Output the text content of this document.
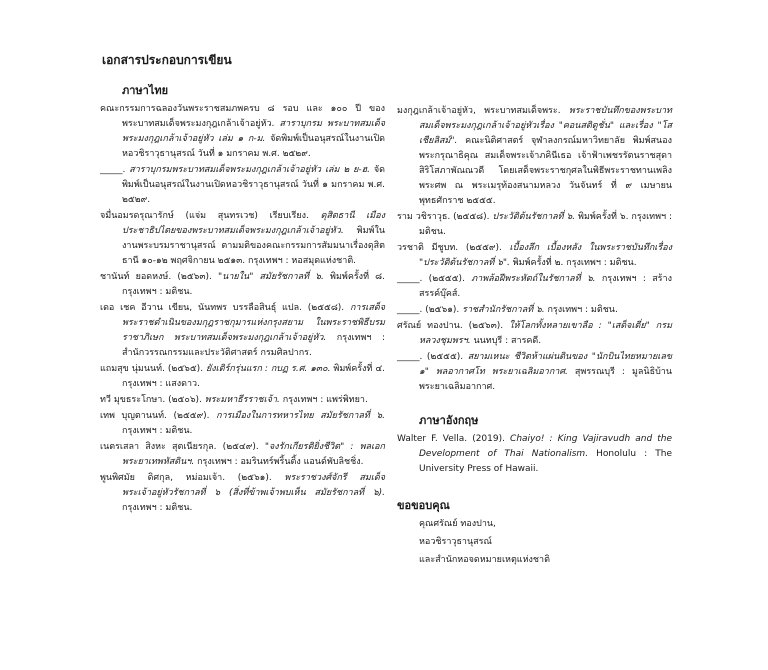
เอกสารประกอบการเขียน
ภาษาไทย

คณะกรรมการฉลองวันพระราชสมภพครบ ๘ รอบ และ ๑๐๐ ปี ของพระบาทสมเด็จพระมงกุฎเกล้าเจ้าอยู่หัว. สาราบุกรม พระบาทสมเด็จพระมงกุฎเกล้าเจ้าอยู่หัว เล่ม ๑ ก-ม. จัดพิมพ์เป็นอนุสรณ์ในงานเปิดหอวชิราวุธานุสรณ์ วันที่ ๑ มกราคม พ.ศ. ๒๕๒๙.

_____. สาราบุกรมพระบาทสมเด็จพระมงกุฎเกล้าเจ้าอยู่หัว เล่ม ๒ ย-ฮ. จัดพิมพ์เป็นอนุสรณ์ในงานเปิดหอวชิราวุธานุสรณ์ วันที่ ๑ มกราคม พ.ศ. ๒๕๒๙.

จมื่นอมรดรุณารักษ์ (แจ่ม สุนทรเวช) เรียบเรียง. ดุสิตธานี เมืองประชาธิปไตยของพระบาทสมเด็จพระมงกุฎเกล้าเจ้าอยู่หัว. พิมพ์ในงานพระบรมราชานุสรณ์ ตามมติของคณะกรรมการสัมมนาเรื่องดุสิตธานี ๑๐-๑๒ พฤศจิกายน ๒๕๑๓. กรุงเทพฯ : หอสมุดแห่งชาติ.

ชานันท์ ยอดหงษ์. (๒๕๖๓). "นายใน" สมัยรัชกาลที่ ๖. พิมพ์ครั้งที่ ๘. กรุงเทพฯ : มติชน.

เดอ เชค อีวาน เขียน, นันทพร บรรลือสินธุ์ แปล. (๒๕๕๘). การเสด็จพระราชดำเนินของมกุฎราชกุมารแห่งกรุงสยาม ในพระราชพิธีบรมราชาภิเษก พระบาทสมเด็จพระมงกุฎเกล้าเจ้าอยู่หัว. กรุงเทพฯ : สำนักวรรณกรรมและประวัติศาสตร์ กรมศิลปากร.

แถมสุข นุ่มนนท์. (๒๕๖๕). ยังเติร์กรุ่นแรก : กบฏ ร.ศ. ๑๓๐. พิมพ์ครั้งที่ ๔. กรุงเทพฯ : แสงดาว.

ทวี มุขธระโกษา. (๒๕๐๖). พระมหาธีรราชเจ้า. กรุงเทพฯ : แพร่พิทยา.

เทพ บุญตานนท์. (๒๕๕๙). การเมืองในการทหารไทย สมัยรัชกาลที่ ๖. กรุงเทพฯ : มติชน.

เนตรเสลา สิงหะ สุตเนียรกุล. (๒๕๔๙). "จงรักเกียรติยิ่งชีวิต" : พลเอก พระยาเทพหัสดินฯ. กรุงเทพฯ : อมรินทร์พริ้นติ้ง แอนด์พับลิชชิ่ง.

พูนพิศมัย ดิศกุล, หม่อมเจ้า. (๒๕๖๑). พระราชวงศ์จักรี สมเด็จพระเจ้าอยู่หัวรัชกาลที่ ๖ (สิ่งที่ข้าพเจ้าพบเห็น สมัยรัชกาลที่ ๖). กรุงเทพฯ : มติชน.

มงกุฎเกล้าเจ้าอยู่หัว, พระบาทสมเด็จพระ. พระราชบันทึกของพระบาทสมเด็จพระมงกุฎเกล้าเจ้าอยู่หัวเรื่อง "คอนสติตูชั่น" และเรื่อง "โสเชียลิสม์". คณะนิติศาสตร์ จุฬาลงกรณ์มหาวิทยาลัย พิมพ์สนองพระกรุณาธิคุณ สมเด็จพระเจ้าภคินีเธอ เจ้าฟ้าเพชรรัตนราชสุดา สิริโสภาพัณณวดี โดยเสด็จพระราชกุศลในพิธีพระราชทานเพลิงพระศพ ณ พระเมรุท้องสนามหลวง วันจันทร์ ที่ ๙ เมษายน พุทธศักราช ๒๕๕๕.

ราม วชิราวุธ. (๒๕๕๘). ประวัติต้นรัชกาลที่ ๖. พิมพ์ครั้งที่ ๖. กรุงเทพฯ : มติชน.

วรชาติ มีชูบท. (๒๕๕๙). เบื้องลึก เบื้องหลัง ในพระราชบันทึกเรื่อง "ประวัติต้นรัชกาลที่ ๖". พิมพ์ครั้งที่ ๒. กรุงเทพฯ : มติชน.

_____. (๒๕๕๕). ภาพล้อฝีพระหัตถ์ในรัชกาลที่ ๖. กรุงเทพฯ : สร้างสรรค์บุ๊คส์.

_____. (๒๕๖๑). ราชสำนักรัชกาลที่ ๖. กรุงเทพฯ : มติชน.

ศรัณย์ ทองปาน. (๒๕๖๓). ให้โลกทั้งหลายเขาลือ : "เสด็จเตี่ย" กรมหลวงชุมพรฯ. นนทบุรี : สารคดี.

_____. (๒๕๕๕). สยามเหนะ ชีวิตห้าแผ่นดินของ "นักบินไทยหมายเลข ๑" พลอากาศโท พระยาเฉลิมอากาศ. สุพรรณบุรี : มูลนิธิบ้านพระยาเฉลิมอากาศ.

ภาษาอังกฤษ

Walter F. Vella. (2019). Chaiyo! : King Vajiravudh and the Development of Thai Nationalism. Honolulu : The University Press of Hawaii.

ขอขอบคุณ
คุณศรัณย์ ทองปาน,
หอวชิราวุธานุสรณ์
และสำนักหอจดหมายเหตุแห่งชาติ
